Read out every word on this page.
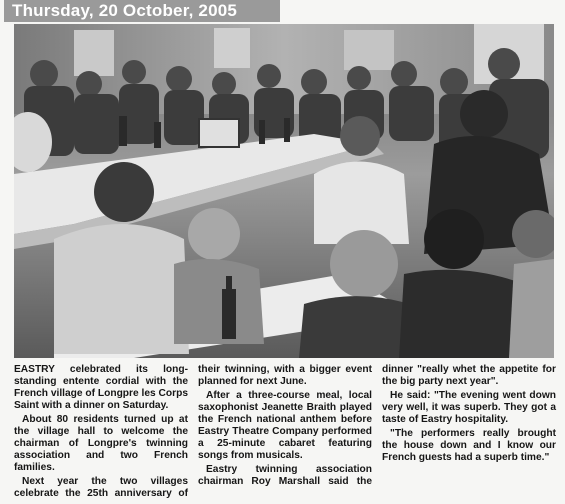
Thursday, 20 October, 2005

EASTRY celebrated its long-standing entente cordial with the French village of Longpre les Corps Saint with a dinner on Saturday.

About 80 residents turned up at the village hall to welcome the chairman of Longpre's twinning association and two French families.

Next year the two villages celebrate the 25th anniversary of their twinning, with a bigger event planned for next June.

After a three-course meal, local saxophonist Jeanette Braith played the French national anthem before Eastry Theatre Company performed a 25-minute cabaret featuring songs from musicals.

Eastry twinning association chairman Roy Marshall said the dinner "really whet the appetite for the big party next year".

He said: "The evening went down very well, it was superb. They got a taste of Eastry hospitality.

"The performers really brought the house down and I know our French guests had a superb time."
